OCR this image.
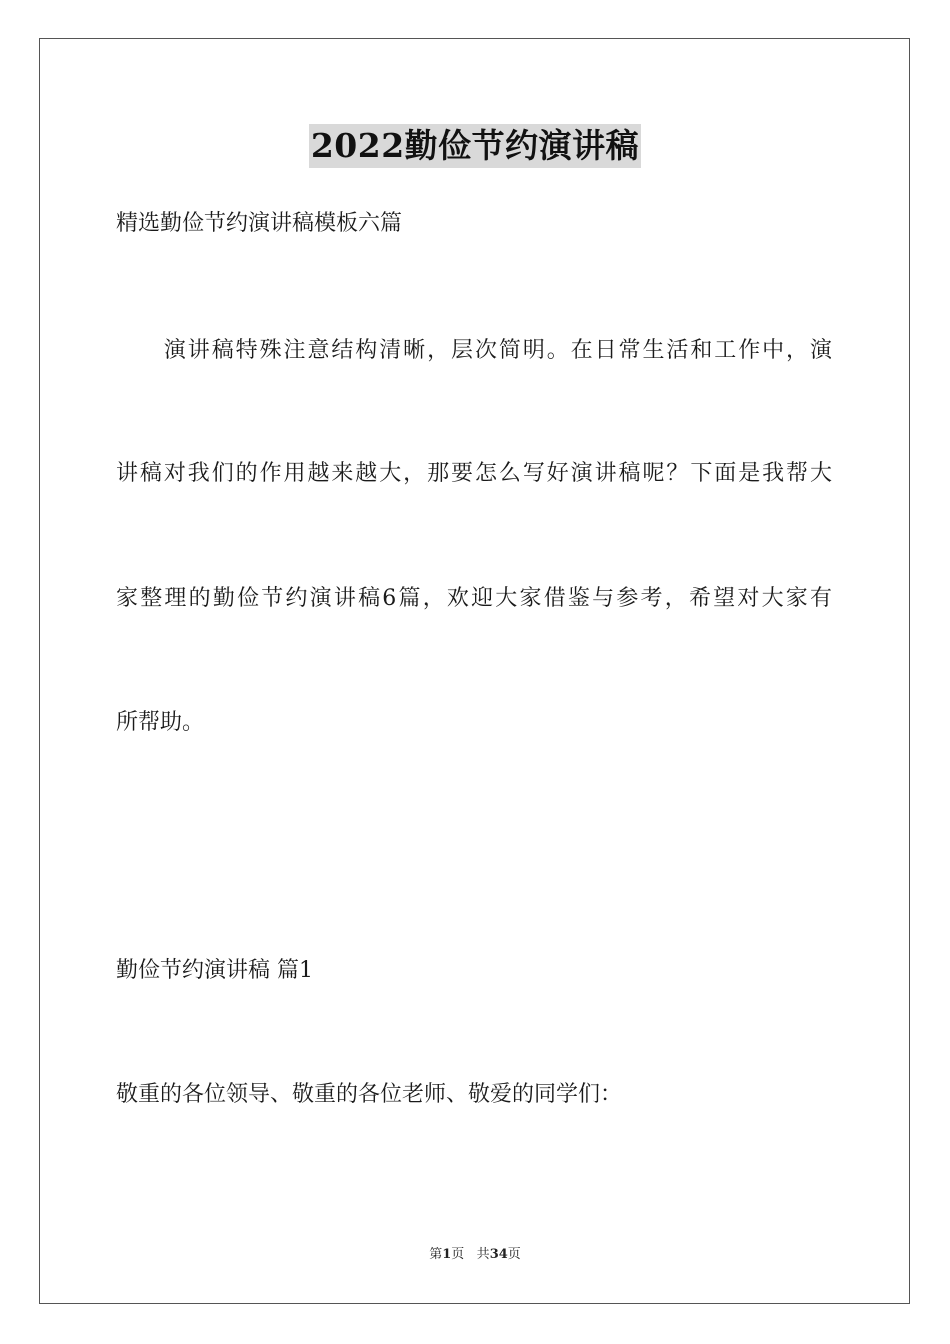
2022勤俭节约演讲稿
精选勤俭节约演讲稿模板六篇
　　演讲稿特殊注意结构清晰，层次简明。在日常生活和工作中，演
讲稿对我们的作用越来越大，那要怎么写好演讲稿呢？下面是我帮大
家整理的勤俭节约演讲稿6篇，欢迎大家借鉴与参考，希望对大家有
所帮助。
勤俭节约演讲稿 篇1
敬重的各位领导、敬重的各位老师、敬爱的同学们：
第1页 共34页
